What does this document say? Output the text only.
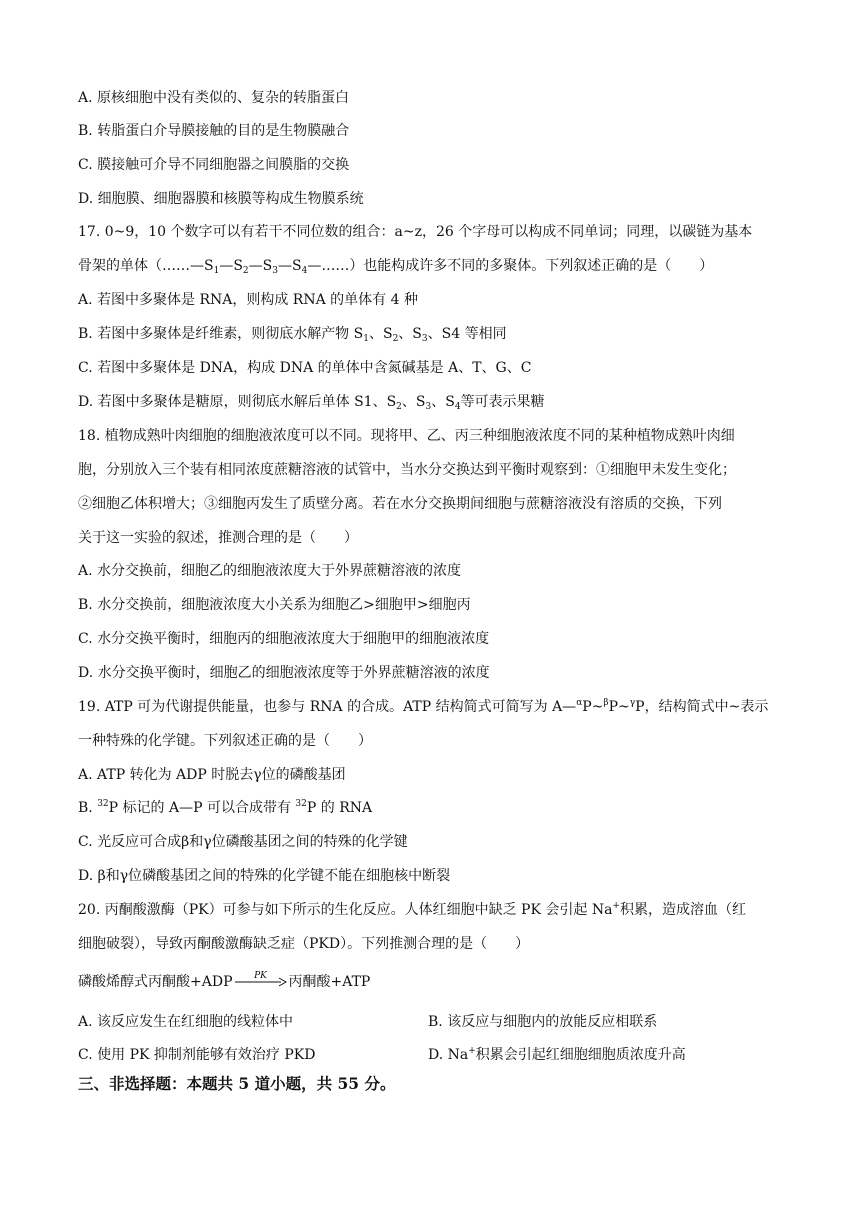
A. 原核细胞中没有类似的、复杂的转脂蛋白
B. 转脂蛋白介导膜接触的目的是生物膜融合
C. 膜接触可介导不同细胞器之间膜脂的交换
D. 细胞膜、细胞器膜和核膜等构成生物膜系统
17. 0~9，10 个数字可以有若干不同位数的组合：a~z，26 个字母可以构成不同单词；同理，以碳链为基本
骨架的单体$(\dots\dots—S_1—S_2—S_3—S_4—\dots\dots)$也能构成许多不同的多聚体。下列叙述正确的是（　　）
A. 若图中多聚体是 RNA，则构成 RNA 的单体有 4 种
B. 若图中多聚体是纤维素，则彻底水解产物 $S_1$、$S_2$、$S_3$、S4 等相同
C. 若图中多聚体是 DNA，构成 DNA 的单体中含氮碱基是 A、T、G、C
D. 若图中多聚体是糖原，则彻底水解后单体 S1、$S_2$、$S_3$、$S_4$等可表示果糖
18. 植物成熟叶肉细胞的细胞液浓度可以不同。现将甲、乙、丙三种细胞液浓度不同的某种植物成熟叶肉细
胞，分别放入三个装有相同浓度蔗糖溶液的试管中，当水分交换达到平衡时观察到：①细胞甲未发生变化；
②细胞乙体积增大；③细胞丙发生了质壁分离。若在水分交换期间细胞与蔗糖溶液没有溶质的交换，下列
关于这一实验的叙述，推测合理的是（　　）
A. 水分交换前，细胞乙的细胞液浓度大于外界蔗糖溶液的浓度
B. 水分交换前，细胞液浓度大小关系为细胞乙>细胞甲>细胞丙
C. 水分交换平衡时，细胞丙的细胞液浓度大于细胞甲的细胞液浓度
D. 水分交换平衡时，细胞乙的细胞液浓度等于外界蔗糖溶液的浓度
19. ATP 可为代谢提供能量，也参与 RNA 的合成。ATP 结构简式可简写为 A—$^\alpha$P~$^\beta$P~$^\gamma$P，结构简式中~表示
一种特殊的化学键。下列叙述正确的是（　　）
A. ATP 转化为 ADP 时脱去γ位的磷酸基团
B. $^{32}$P 标记的 A—P 可以合成带有 $^{32}$P 的 RNA
C. 光反应可合成β和γ位磷酸基团之间的特殊的化学键
D. β和γ位磷酸基团之间的特殊的化学键不能在细胞核中断裂
20. 丙酮酸激酶（PK）可参与如下所示的生化反应。人体红细胞中缺乏 PK 会引起 Na+积累，造成溶血（红
细胞破裂），导致丙酮酸激酶缺乏症（PKD）。下列推测合理的是（　　）
磷酸烯醇式丙酮酸+ADP	PK	丙酮酸+ATP
A. 该反应发生在红细胞的线粒体中	B. 该反应与细胞内的放能反应相联系
C. 使用 PK 抑制剂能够有效治疗 PKD	D. Na+积累会引起红细胞细胞质浓度升高
三、非选择题：本题共 5 道小题，共 55 分。
